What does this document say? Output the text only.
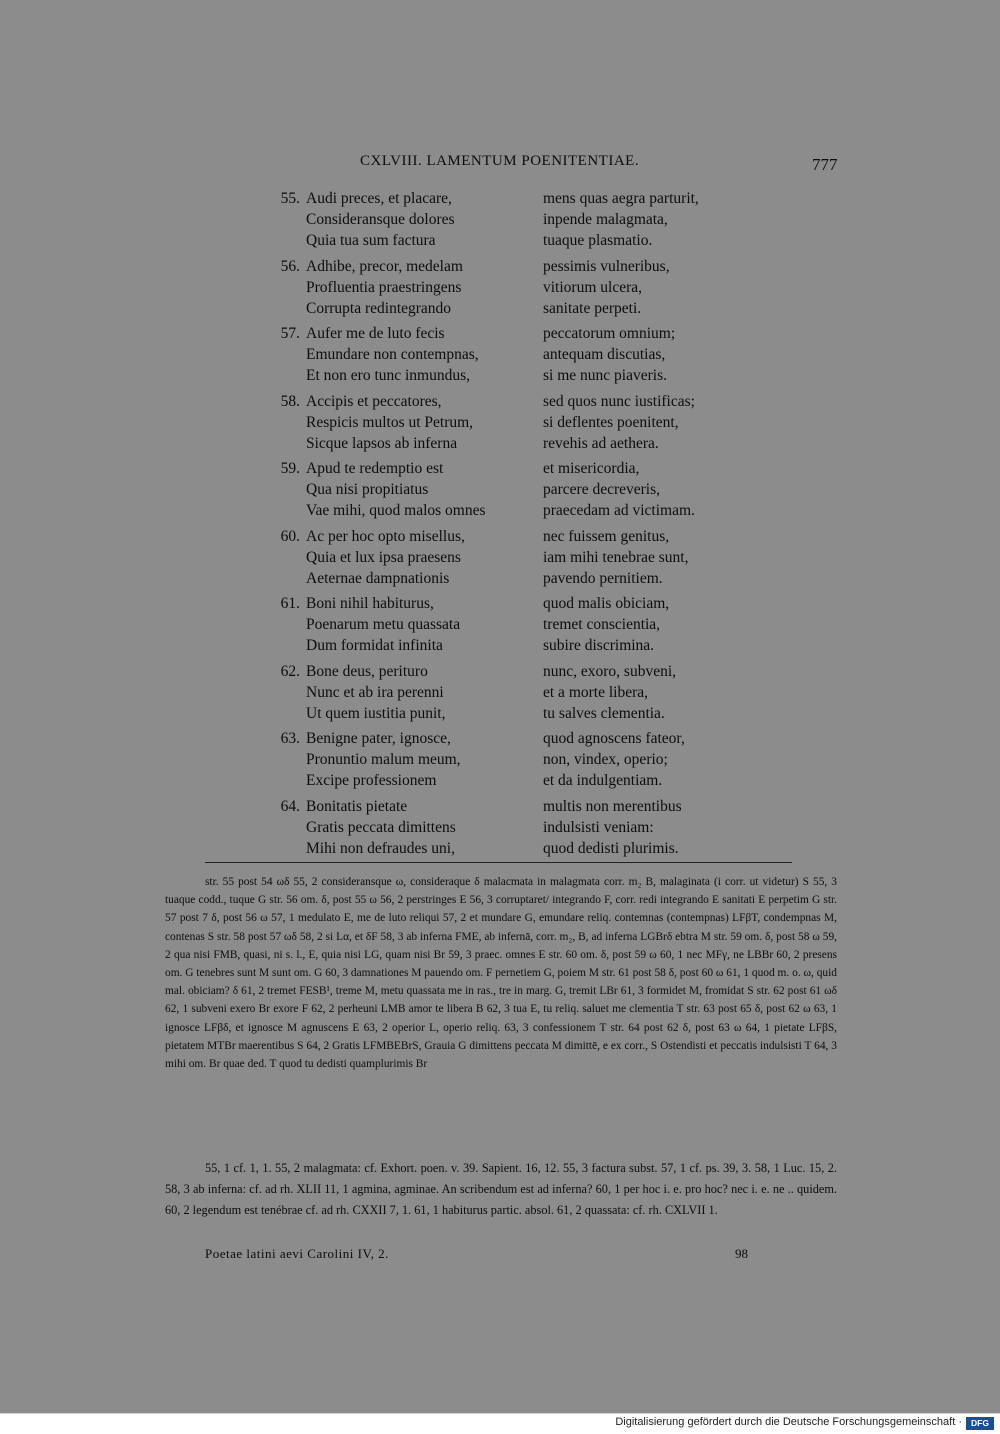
CXLVIII. LAMENTUM POENITENTIAE.	777
55. Audi preces, et placare,	mens quas aegra parturit,
Consideransque dolores	inpende malagmata,
Quia tua sum factura	tuaque plasmatio.
56. Adhibe, precor, medelam	pessimis vulneribus,
Profluentia praestringens	vitiorum ulcera,
Corrupta redintegrando	sanitate perpeti.
57. Aufer me de luto fecis	peccatorum omnium;
Emundare non contempnas,	antequam discutias,
Et non ero tunc inmundus,	si me nunc piaveris.
58. Accipis et peccatores,	sed quos nunc iustificas;
Respicis multos ut Petrum,	si deflentes poenitent,
Sicque lapsos ab inferna	revehis ad aethera.
59. Apud te redemptio est	et misericordia,
Qua nisi propitiatus	parcere decreveris,
Vae mihi, quod malos omnes	praecedam ad victimam.
60. Ac per hoc opto misellus,	nec fuissem genitus,
Quia et lux ipsa praesens	iam mihi tenebrae sunt,
Aeternae dampnationis	pavendo pernitiem.
61. Boni nihil habiturus,	quod malis obiciam,
Poenarum metu quassata	tremet conscientia,
Dum formidat infinita	subire discrimina.
62. Bone deus, perituro	nunc, exoro, subveni,
Nunc et ab ira perenni	et a morte libera,
Ut quem iustitia punit,	tu salves clementia.
63. Benigne pater, ignosce,	quod agnoscens fateor,
Pronuntio malum meum,	non, vindex, operio;
Excipe professionem	et da indulgentiam.
64. Bonitatis pietate	multis non merentibus
Gratis peccata dimittens	indulsisti veniam:
Mihi non defraudes uni,	quod dedisti plurimis.

str. 55 post 54 ωδ 55, 2 consideransque ω, consideraque δ malacmata in malagmata corr. m₂ B, malaginata (i corr. ut videtur) S 55, 3 tuaque codd., tuque G str. 56 om. δ, post 55 ω 56, 2 perstringes E 56, 3 corruptaret/ integrando F, corr. redi integrando E sanitati E perpetim G str. 57 post 7 δ, post 56 ω 57, 1 medulato E, me de luto reliqui 57, 2 et mundare G, emundare reliq. contemnas (contempnas) LFβT, condempnas M, contenas S str. 58 post 57 ωδ 58, 2 si Lα, et δF 58, 3 ab inferna FME, ab infernā, corr. m₂, B, ad inferna LGBrδ ebtra M str. 59 om. δ, post 58 ω 59, 2 qua nisi FMB, quasi, ni s. l., E, quia nisi LG, quam nisi Br 59, 3 praec. omnes E str. 60 om. δ, post 59 ω 60, 1 nec MFγ, ne LBBr 60, 2 presens om. G tenebres sunt M sunt om. G 60, 3 damnationes M pauendo om. F pernetiem G, poiem M str. 61 post 58 δ, post 60 ω 61, 1 quod m. o. ω, quid mal. obiciam? δ 61, 2 tremet FESB¹, treme M, metu quassata me in ras., tre in marg. G, tremit LBr 61, 3 formidet M, fromidat S str. 62 post 61 ωδ 62, 1 subveni exero Br exore F 62, 2 perheuni LMB amor te libera B 62, 3 tua E, tu reliq. saluet me clementia T str. 63 post 65 δ, post 62 ω 63, 1 ignosce LFβδ, et ignosce M agnuscens E 63, 2 operior L, operio reliq. 63, 3 confessionem T str. 64 post 62 δ, post 63 ω 64, 1 pietate LFβS, pietatem MTBr maerentibus S 64, 2 Gratis LFMBEBrS, Grauia G dimittens peccata M dimittē, e ex corr., S Ostendisti et peccatis indulsisti T 64, 3 mihi om. Br quae ded. T quod tu dedisti quamplurimis Br

55, 1 cf. 1, 1. 55, 2 malagmata: cf. Exhort. poen. v. 39. Sapient. 16, 12. 55, 3 factura subst. 57, 1 cf. ps. 39, 3. 58, 1 Luc. 15, 2. 58, 3 ab inferna: cf. ad rh. XLII 11, 1 agmina, agminae. An scribendum est ad inferna? 60, 1 per hoc i. e. pro hoc? nec i. e. ne .. quidem. 60, 2 legendum est tenébrae cf. ad rh. CXXII 7, 1. 61, 1 habiturus partic. absol. 61, 2 quassata: cf. rh. CXLVII 1.

Poetae latini aevi Carolini IV, 2.	98
Digitalisierung gefördert durch die Deutsche Forschungsgemeinschaft ·	DFG
